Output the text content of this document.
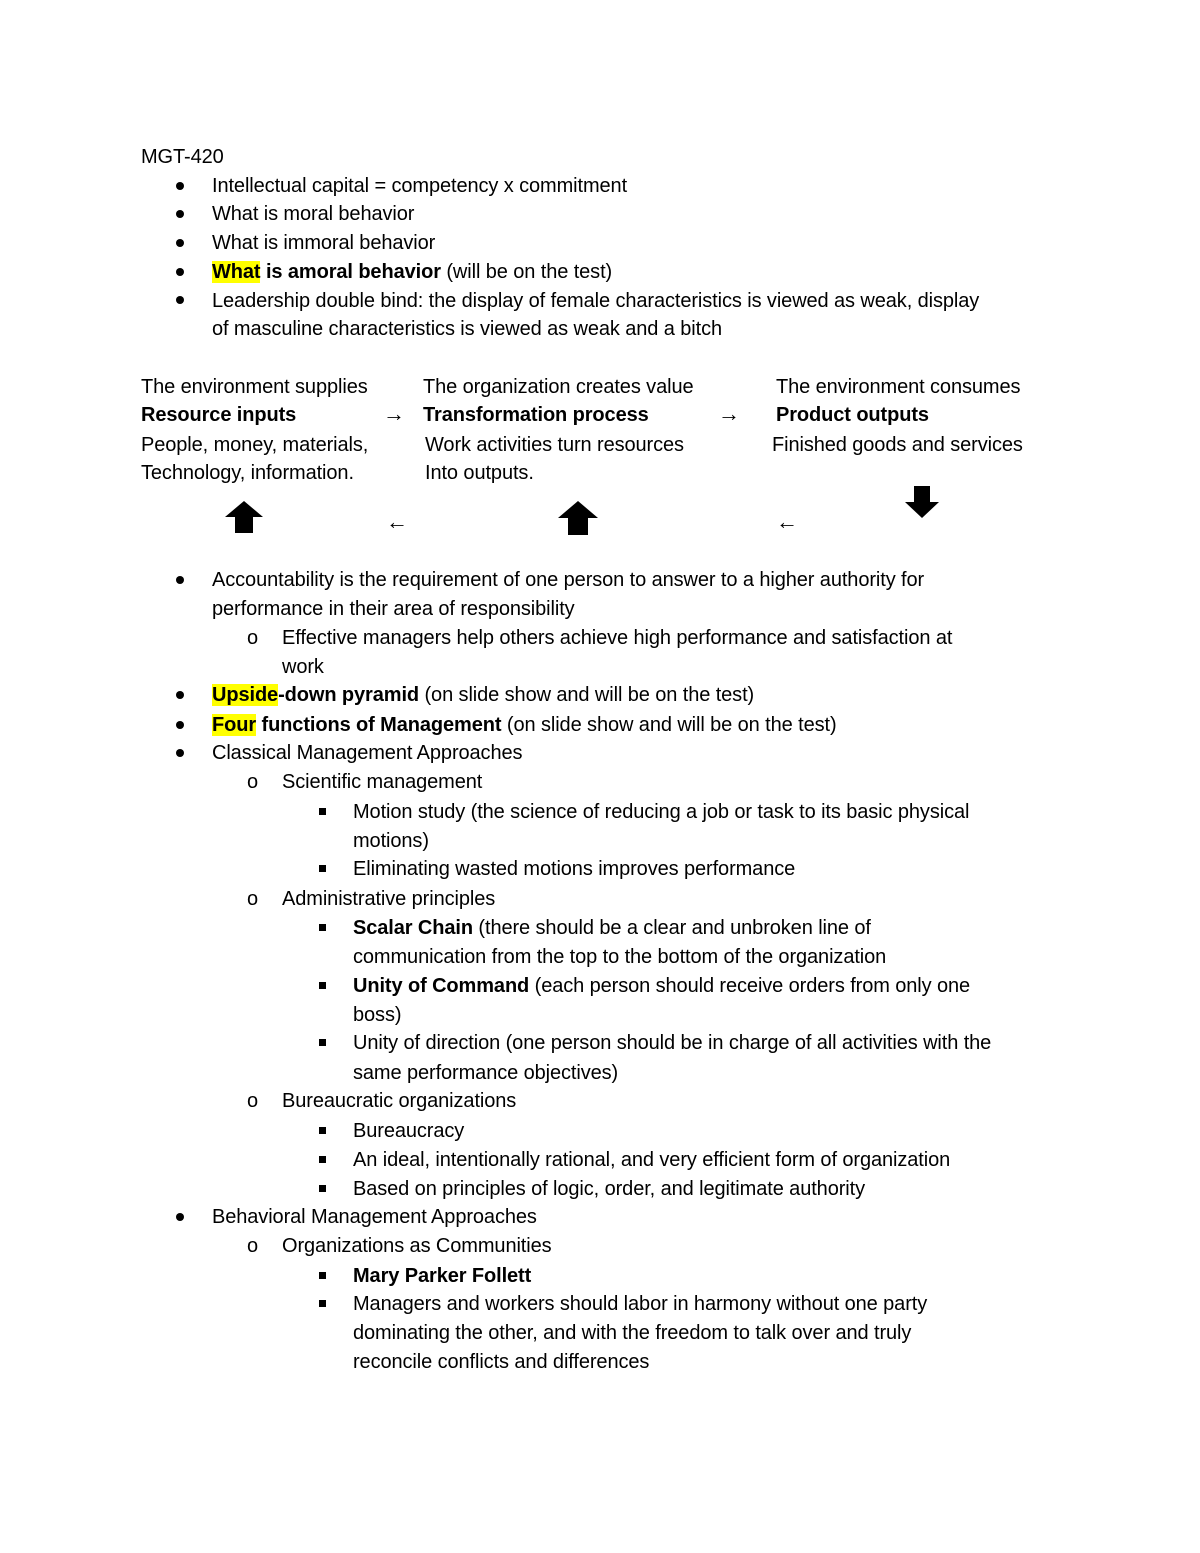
MGT-420
Intellectual capital = competency x commitment
What is moral behavior
What is immoral behavior
What is amoral behavior (will be on the test)
Leadership double bind: the display of female characteristics is viewed as weak, display
of masculine characteristics is viewed as weak and a bitch
The environment supplies
Resource inputs
People, money, materials,
Technology, information.
→
The organization creates value
Transformation process
Work activities turn resources
Into outputs.
→
The environment consumes
Product outputs
Finished goods and services
←	←
Accountability is the requirement of one person to answer to a higher authority for
performance in their area of responsibility
o Effective managers help others achieve high performance and satisfaction at
work
Upside-down pyramid (on slide show and will be on the test)
Four functions of Management (on slide show and will be on the test)
Classical Management Approaches
o Scientific management
Motion study (the science of reducing a job or task to its basic physical
motions)
Eliminating wasted motions improves performance
o Administrative principles
Scalar Chain (there should be a clear and unbroken line of
communication from the top to the bottom of the organization
Unity of Command (each person should receive orders from only one
boss)
Unity of direction (one person should be in charge of all activities with the
same performance objectives)
o Bureaucratic organizations
Bureaucracy
An ideal, intentionally rational, and very efficient form of organization
Based on principles of logic, order, and legitimate authority
Behavioral Management Approaches
o Organizations as Communities
Mary Parker Follett
Managers and workers should labor in harmony without one party
dominating the other, and with the freedom to talk over and truly
reconcile conflicts and differences
